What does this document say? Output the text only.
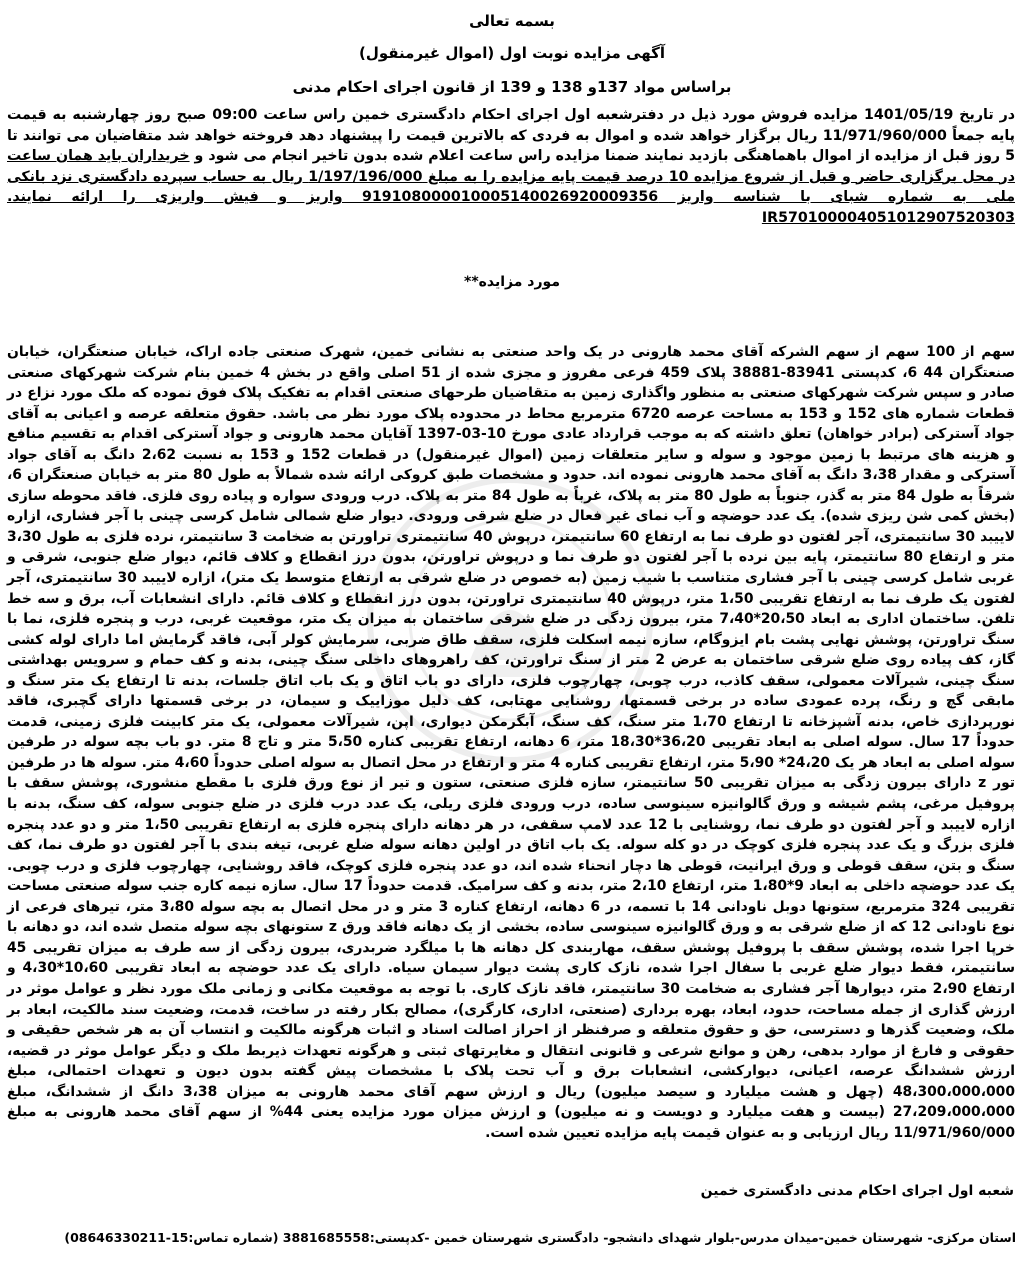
بسمه تعالی
آگهی مزایده نوبت اول (اموال غیرمنقول)
براساس مواد 137و 138 و 139 از قانون اجرای احکام مدنی
در تاریخ 1401/05/19 مزایده فروش مورد ذیل در دفترشعبه اول اجرای احکام دادگستری خمین راس ساعت 09:00 صبح روز چهارشنبه به قیمت پایه جمعاً 11/971/960/000 ریال برگزار خواهد شده و اموال به فردی که بالاترین قیمت را پیشنهاد دهد فروخته خواهد شد متقاضیان می توانند تا 5 روز قبل از مزایده از اموال باهماهنگی بازدید نمایند ضمنا مزایده راس ساعت اعلام شده بدون تاخیر انجام می شود و خریداران باید همان ساعت در محل برگزاری حاضر و قبل از شروع مزایده 10 درصد قیمت پایه مزایده را به مبلغ 1/197/196/000 ریال به حساب سپرده دادگستری نزد بانکی ملی به شماره شبای با شناسه واریز 919108000010005140026920009356 واریز و فیش واریزی را ارائه نمایند. IR570100004051012907520303
مورد مزایده**
سهم از 100 سهم از سهم الشرکه آقای محمد هارونی در یک واحد صنعتی به نشانی خمین، شهرک صنعتی جاده اراک، خیابان صنعتگران، خیابان صنعتگران 44 6، کدپستی 83941-38881 پلاک 459 فرعی مفروز و مجزی شده از 51 اصلی واقع در بخش 4 خمین بنام شرکت شهرکهای صنعتی صادر و سپس شرکت شهرکهای صنعتی به منظور واگذاری زمین به متقاضیان طرحهای صنعتی اقدام به تفکیک پلاک فوق نموده که ملک مورد نزاع در قطعات شماره های 152 و 153 به مساحت عرصه 6720 مترمربع محاط در محدوده پلاک مورد نظر می باشد. حقوق متعلقه عرصه و اعیانی به آقای جواد آسترکی (برادر خواهان) تعلق داشته که به موجب قرارداد عادی مورخ 10-03-1397 آقایان محمد هارونی و جواد آسترکی اقدام به تقسیم منافع و هزینه های مرتبط با زمین موجود و سوله و سایر متعلقات زمین (اموال غیرمنقول) در قطعات 152 و 153 به نسبت 2،62 دانگ به آقای جواد آسترکی و مقدار 3،38 دانگ به آقای محمد هارونی نموده اند. حدود و مشخصات طبق کروکی ارائه شده شمالاً به طول 80 متر به خیابان صنعتگران 6، شرقاً به طول 84 متر به گذر، جنوباً به طول 80 متر به پلاک، غرباً به طول 84 متر به پلاک. درب ورودی سواره و پیاده روی فلزی. فاقد محوطه سازی (بخش کمی شن ریزی شده). یک عدد حوضچه و آب نمای غیر فعال در ضلع شرقی ورودی. دیوار ضلع شمالی شامل کرسی چینی با آجر فشاری، ازاره لاییبد 30 سانتیمتری، آجر لفتون دو طرف نما به ارتفاع 60 سانتیمتر، درپوش 40 سانتیمتری تراورتن به ضخامت 3 سانتیمتر، نرده فلزی به طول 3،30 متر و ارتفاع 80 سانتیمتر، پایه بین نرده با آجر لفتون دو طرف نما و درپوش تراورتن، بدون درز انقطاع و کلاف قائم، دیوار ضلع جنوبی، شرقی و غربی شامل کرسی چینی با آجر فشاری متناسب با شیب زمین (به خصوص در ضلع شرقی به ارتفاع متوسط یک متر)، ازاره لاییبد 30 سانتیمتری، آجر لفتون یک طرف نما به ارتفاع تقریبی 1،50 متر، درپوش 40 سانتیمتری تراورتن، بدون درز انقطاع و کلاف قائم. دارای انشعابات آب، برق و سه خط تلفن. ساختمان اداری به ابعاد 20،50*7،40 متر، بیرون زدگی در ضلع شرقی ساختمان به میزان یک متر، موقعیت غربی، درب و پنجره فلزی، نما با سنگ تراورتن، پوشش نهایی پشت بام ایزوگام، سازه نیمه اسکلت فلزی، سقف طاق ضربی، سرمایش کولر آبی، فاقد گرمایش اما دارای لوله کشی گاز، کف پیاده روی ضلع شرقی ساختمان به عرض 2 متر از سنگ تراورتن، کف راهروهای داخلی سنگ چینی، بدنه و کف حمام و سرویس بهداشتی سنگ چینی، شیرآلات معمولی، سقف کاذب، درب چوبی، چهارچوب فلزی، دارای دو باب اتاق و یک باب اتاق جلسات، بدنه تا ارتفاع یک متر سنگ و مابقی گچ و رنگ، پرده عمودی ساده در برخی قسمتها، روشنایی مهتابی، کف دلیل موزاییک و سیمان، در برخی قسمتها دارای گچبری، فاقد نورپردازی خاص، بدنه آشپزخانه تا ارتفاع 1،70 متر سنگ، کف سنگ، آبگرمکن دیواری، اپن، شیرآلات معمولی، یک متر کابینت فلزی زمینی، قدمت حدوداً 17 سال. سوله اصلی به ابعاد تقریبی 36،20*18،30 متر، 6 دهانه، ارتفاع تقریبی کناره 5،50 متر و تاج 8 متر. دو باب بچه سوله در طرفین سوله اصلی به ابعاد هر یک 24،20* 5،90 متر، ارتفاع تقریبی کناره 4 متر و ارتفاع در محل اتصال به سوله اصلی حدوداً 4،60 متر. سوله ها در طرفین تور z دارای بیرون زدگی به میزان تقریبی 50 سانتیمتر، سازه فلزی صنعتی، ستون و تیر از نوع ورق فلزی با مقطع منشوری، پوشش سقف با پروفیل مرغی، پشم شیشه و ورق گالوانیزه سینوسی ساده، درب ورودی فلزی ریلی، یک عدد درب فلزی در ضلع جنوبی سوله، کف سنگ، بدنه با ازاره لاییبد و آجر لفتون دو طرف نما، روشنایی با 12 عدد لامپ سقفی، در هر دهانه دارای پنجره فلزی به ارتفاع تقریبی 1،50 متر و دو عدد پنجره فلزی بزرگ و یک عدد پنجره فلزی کوچک در دو کله سوله. یک باب اتاق در اولین دهانه سوله ضلع غربی، تیغه بندی با آجر لفتون دو طرف نما، کف سنگ و بتن، سقف قوطی و ورق ایرانیت، قوطی ها دچار انحناء شده اند، دو عدد پنجره فلزی کوچک، فاقد روشنایی، چهارچوب فلزی و درب چوبی. یک عدد حوضچه داخلی به ابعاد 9*1،80 متر، ارتفاع 2،10 متر، بدنه و کف سرامیک. قدمت حدوداً 17 سال. سازه نیمه کاره جنب سوله صنعتی مساحت تقریبی 324 مترمربع، ستونها دوبل ناودانی 14 با تسمه، در 6 دهانه، ارتفاع کناره 3 متر و در محل اتصال به بچه سوله 3،80 متر، تیرهای فرعی از نوع ناودانی 12 که از ضلع شرقی به و ورق گالوانیزه سینوسی ساده، بخشی از یک دهانه فاقد ورق z ستونهای بچه سوله متصل شده اند، دو دهانه با خرپا اجرا شده، پوشش سقف با پروفیل پوشش سقف، مهاربندی کل دهانه ها با میلگرد ضربدری، بیرون زدگی از سه طرف به میزان تقریبی 45 سانتیمتر، فقط دیوار ضلع غربی با سفال اجرا شده، نازک کاری پشت دیوار سیمان سیاه. دارای یک عدد حوضچه به ابعاد تقریبی 10،60*4،30 و ارتفاع 2،90 متر، دیوارها آجر فشاری به ضخامت 30 سانتیمتر، فاقد نازک کاری. با توجه به موقعیت مکانی و زمانی ملک مورد نظر و عوامل موثر در ارزش گذاری از جمله مساحت، حدود، ابعاد، بهره برداری (صنعتی، اداری، کارگری)، مصالح بکار رفته در ساخت، قدمت، وضعیت سند مالکیت، ابعاد بر ملک، وضعیت گذرها و دسترسی، حق و حقوق متعلقه و صرفنظر از احراز اصالت اسناد و اثبات هرگونه مالکیت و انتساب آن به هر شخص حقیقی و حقوقی و فارغ از موارد بدهی، رهن و موانع شرعی و قانونی انتقال و مغایرتهای ثبتی و هرگونه تعهدات ذیربط ملک و دیگر عوامل موثر در قضیه، ارزش ششدانگ عرصه، اعیانی، دیوارکشی، انشعابات برق و آب تحت پلاک با مشخصات پیش گفته بدون دیون و تعهدات احتمالی، مبلغ 48،300،000،000 (چهل و هشت میلیارد و سیصد میلیون) ریال و ارزش سهم آقای محمد هارونی به میزان 3،38 دانگ از ششدانگ، مبلغ 27،209،000،000 (بیست و هفت میلیارد و دویست و نه میلیون) و ارزش میزان مورد مزایده یعنی 44% از سهم آقای محمد هارونی به مبلغ 11/971/960/000 ریال ارزیابی و به عنوان قیمت پایه مزایده تعیین شده است.
شعبه اول اجرای احکام مدنی دادگستری خمین
استان مرکزی- شهرستان خمین-میدان مدرس-بلوار شهدای دانشجو- دادگستری شهرستان خمین -کدپستی:3881685558 (شماره تماس:15-08646330211)
